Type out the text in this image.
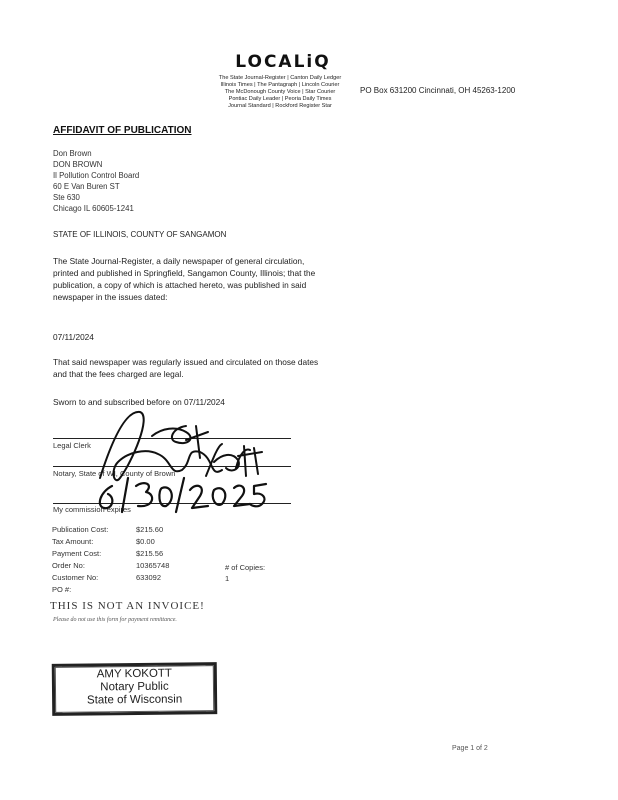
LOCALiQ
The State Journal-Register | Canton Daily Ledger
Illinois Times | The Pantagraph | Lincoln Courier
The McDonough County Voice | Star Courier
Pontiac Daily Leader | Peoria Daily Times
Journal Standard | Rockford Register Star
PO Box 631200 Cincinnati, OH 45263-1200
AFFIDAVIT OF PUBLICATION
Don Brown
DON BROWN
Il Pollution Control Board
60 E Van Buren ST
Ste 630
Chicago IL 60605-1241
STATE OF ILLINOIS, COUNTY OF SANGAMON
The State Journal-Register, a daily newspaper of general circulation, printed and published in Springfield, Sangamon County, Illinois; that the publication, a copy of which is attached hereto, was published in said newspaper in the issues dated:
07/11/2024
That said newspaper was regularly issued and circulated on those dates and that the fees charged are legal.
Sworn to and subscribed before on 07/11/2024
Legal Clerk
Notary, State of WI, County of Brown
My commission expires
Publication Cost:	$215.60
Tax Amount:	$0.00
Payment Cost:	$215.56
Order No:	10365748
Customer No:	633092
PO #:
# of Copies:
1
THIS IS NOT AN INVOICE!
Please do not use this form for payment remittance.
AMY KOKOTT
Notary Public
State of Wisconsin
Page 1 of 2
